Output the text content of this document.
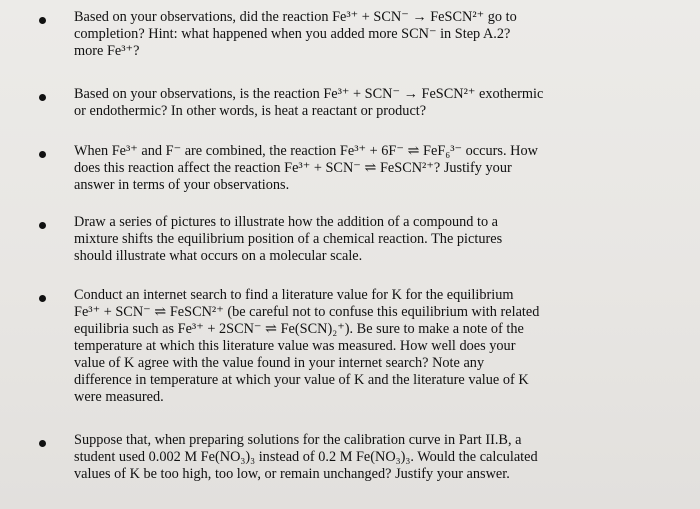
Based on your observations, did the reaction Fe³⁺ + SCN⁻ → FeSCN²⁺ go to
completion? Hint: what happened when you added more SCN⁻ in Step A.2?
more Fe³⁺?
Based on your observations, is the reaction Fe³⁺ + SCN⁻ → FeSCN²⁺ exothermic
or endothermic? In other words, is heat a reactant or product?
When Fe³⁺ and F⁻ are combined, the reaction Fe³⁺ + 6F⁻ ⇌ FeF₆³⁻ occurs. How
does this reaction affect the reaction Fe³⁺ + SCN⁻ ⇌ FeSCN²⁺? Justify your
answer in terms of your observations.
Draw a series of pictures to illustrate how the addition of a compound to a
mixture shifts the equilibrium position of a chemical reaction. The pictures
should illustrate what occurs on a molecular scale.
Conduct an internet search to find a literature value for K for the equilibrium
Fe³⁺ + SCN⁻ ⇌ FeSCN²⁺ (be careful not to confuse this equilibrium with related
equilibria such as Fe³⁺ + 2SCN⁻ ⇌ Fe(SCN)₂⁺). Be sure to make a note of the
temperature at which this literature value was measured. How well does your
value of K agree with the value found in your internet search? Note any
difference in temperature at which your value of K and the literature value of K
were measured.
Suppose that, when preparing solutions for the calibration curve in Part II.B, a
student used 0.002 M Fe(NO₃)₃ instead of 0.2 M Fe(NO₃)₃. Would the calculated
values of K be too high, too low, or remain unchanged? Justify your answer.
